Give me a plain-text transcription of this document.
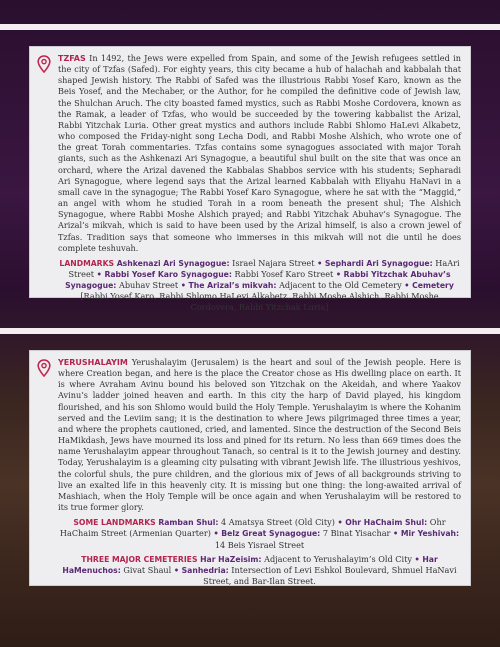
TZFAS In 1492, the Jews were expelled from Spain, and some of the Jewish refugees settled in the city of Tzfas (Safed). For eighty years, this city became a hub of halachah and kabbalah that shaped Jewish history. The Rabbi of Safed was the illustrious Rabbi Yosef Karo, known as the Beis Yosef, and the Mechaber, or the Author, for he compiled the definitive code of Jewish law, the Shulchan Aruch. The city boasted famed mystics, such as Rabbi Moshe Cordovera, known as the Ramak, a leader of Tzfas, who would be succeeded by the towering kabbalist the Arizal, Rabbi Yitzchak Luria. Other great mystics and authors include Rabbi Shlomo HaLevi Alkabetz, who composed the Friday-night song Lecha Dodi, and Rabbi Moshe Alshich, who wrote one of the great Torah commentaries. Tzfas contains some synagogues associated with major Torah giants, such as the Ashkenazi Ari Synagogue, a beautiful shul built on the site that was once an orchard, where the Arizal davened the Kabbalas Shabbos service with his students; Sepharadi Ari Synagogue, where legend says that the Arizal learned Kabbalah with Eliyahu HaNavi in a small cave in the synagogue; The Rabbi Yosef Karo Synagogue, where he sat with the “Maggid,” an angel with whom he studied Torah in a room beneath the present shul; The Alshich Synagogue, where Rabbi Moshe Alshich prayed; and Rabbi Yitzchak Abuhav’s Synagogue. The Arizal’s mikvah, which is said to have been used by the Arizal himself, is also a crown jewel of Tzfas. Tradition says that someone who immerses in this mikvah will not die until he does complete teshuvah.

LANDMARKS Ashkenazi Ari Synagogue: Israel Najara Street • Sephardi Ari Synagogue: HaAri Street • Rabbi Yosef Karo Synagogue: Rabbi Yosef Karo Street • Rabbi Yitzchak Abuhav’s Synagogue: Abuhav Street • The Arizal’s mikvah: Adjacent to the Old Cemetery • Cemetery [Rabbi Yosef Karo, Rabbi Shlomo HaLevi Alkabetz, Rabbi Moshe Alshich, Rabbi Moshe Cordovera, Rabbi Yitzchak Luria]

YERUSHALAYIM Yerushalayim (Jerusalem) is the heart and soul of the Jewish people. Here is where Creation began, and here is the place the Creator chose as His dwelling place on earth. It is where Avraham Avinu bound his beloved son Yitzchak on the Akeidah, and where Yaakov Avinu’s ladder joined heaven and earth. In this city the harp of David played, his kingdom flourished, and his son Shlomo would build the Holy Temple. Yerushalayim is where the Kohanim served and the Leviim sang; it is the destination to where Jews pilgrimaged three times a year, and where the prophets cautioned, cried, and lamented. Since the destruction of the Second Beis HaMikdash, Jews have mourned its loss and pined for its return. No less than 669 times does the name Yerushalayim appear throughout Tanach, so central is it to the Jewish journey and destiny. Today, Yerushalayim is a gleaming city pulsating with vibrant Jewish life. The illustrious yeshivos, the colorful shuls, the pure children, and the glorious mix of Jews of all backgrounds striving to live an exalted life in this heavenly city. It is missing but one thing: the long-awaited arrival of Mashiach, when the Holy Temple will be once again and when Yerushalayim will be restored to its true former glory.

SOME LANDMARKS Ramban Shul: 4 Amatsya Street (Old City) • Ohr HaChaim Shul: Ohr HaChaim Street (Armenian Quarter) • Belz Great Synagogue: 7 Binat Yisachar • Mir Yeshivah: 14 Beis Yisrael Street
THREE MAJOR CEMETERIES Har HaZeisim: Adjacent to Yerushalayim’s Old City • Har HaMenuchos: Givat Shaul • Sanhedria: Intersection of Levi Eshkol Boulevard, Shmuel HaNavi Street, and Bar-Ilan Street.
